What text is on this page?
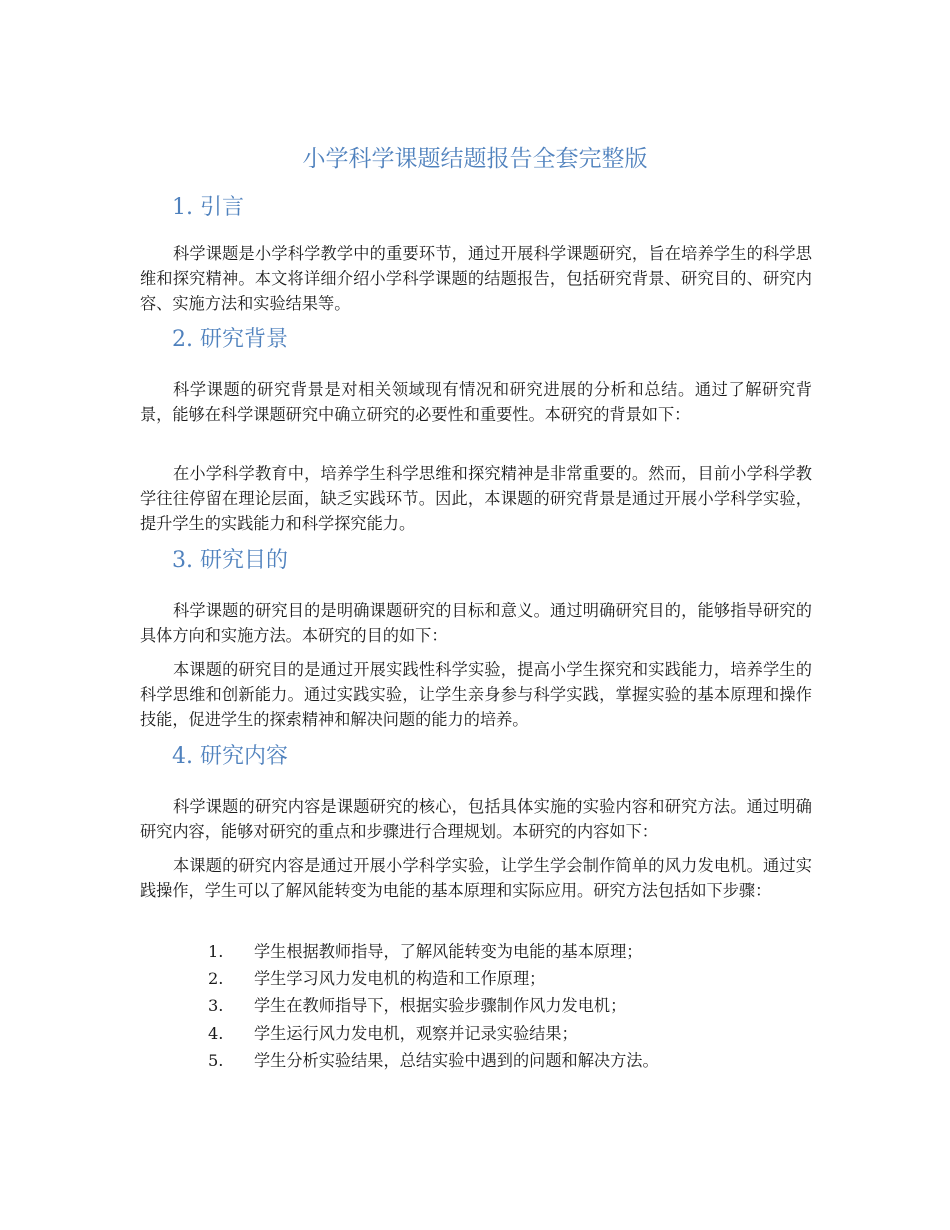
小学科学课题结题报告全套完整版
1. 引言

科学课题是小学科学教学中的重要环节，通过开展科学课题研究，旨在培养学生的科学思维和探究精神。本文将详细介绍小学科学课题的结题报告，包括研究背景、研究目的、研究内容、实施方法和实验结果等。

2. 研究背景

科学课题的研究背景是对相关领域现有情况和研究进展的分析和总结。通过了解研究背景，能够在科学课题研究中确立研究的必要性和重要性。本研究的背景如下：

在小学科学教育中，培养学生科学思维和探究精神是非常重要的。然而，目前小学科学教学往往停留在理论层面，缺乏实践环节。因此，本课题的研究背景是通过开展小学科学实验，提升学生的实践能力和科学探究能力。

3. 研究目的

科学课题的研究目的是明确课题研究的目标和意义。通过明确研究目的，能够指导研究的具体方向和实施方法。本研究的目的如下：

本课题的研究目的是通过开展实践性科学实验，提高小学生探究和实践能力，培养学生的科学思维和创新能力。通过实践实验，让学生亲身参与科学实践，掌握实验的基本原理和操作技能，促进学生的探索精神和解决问题的能力的培养。

4. 研究内容

科学课题的研究内容是课题研究的核心，包括具体实施的实验内容和研究方法。通过明确研究内容，能够对研究的重点和步骤进行合理规划。本研究的内容如下：

本课题的研究内容是通过开展小学科学实验，让学生学会制作简单的风力发电机。通过实践操作，学生可以了解风能转变为电能的基本原理和实际应用。研究方法包括如下步骤：

1.	学生根据教师指导，了解风能转变为电能的基本原理；
2.	学生学习风力发电机的构造和工作原理；
3.	学生在教师指导下，根据实验步骤制作风力发电机；
4.	学生运行风力发电机，观察并记录实验结果；
5.	学生分析实验结果，总结实验中遇到的问题和解决方法。
